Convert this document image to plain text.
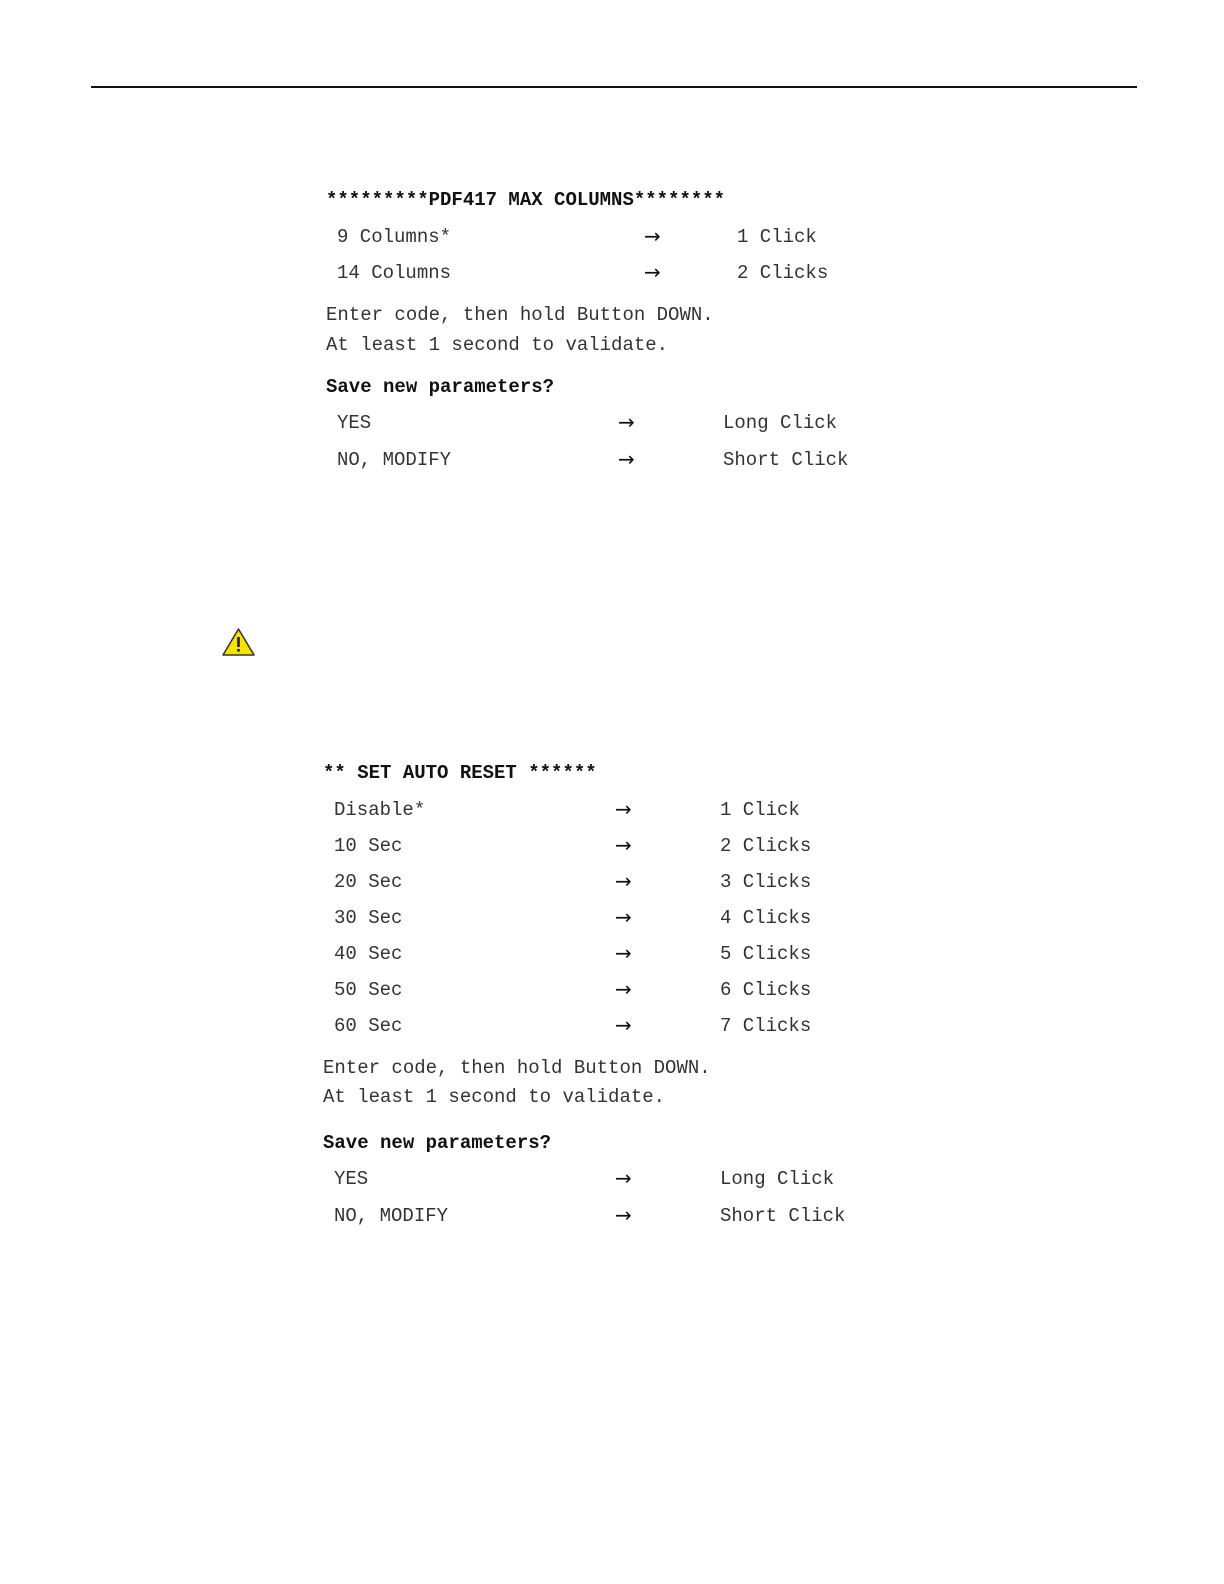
*********PDF417 MAX COLUMNS********
9 Columns*	→	1 Click
14 Columns	→	2 Clicks
Enter code, then hold Button DOWN.
At least 1 second to validate.
Save new parameters?
YES	→	Long Click
NO, MODIFY	→	Short Click
** SET AUTO RESET ******
Disable*	→	1 Click
10 Sec	→	2 Clicks
20 Sec	→	3 Clicks
30 Sec	→	4 Clicks
40 Sec	→	5 Clicks
50 Sec	→	6 Clicks
60 Sec	→	7 Clicks
Enter code, then hold Button DOWN.
At least 1 second to validate.
Save new parameters?
YES	→	Long Click
NO, MODIFY	→	Short Click
